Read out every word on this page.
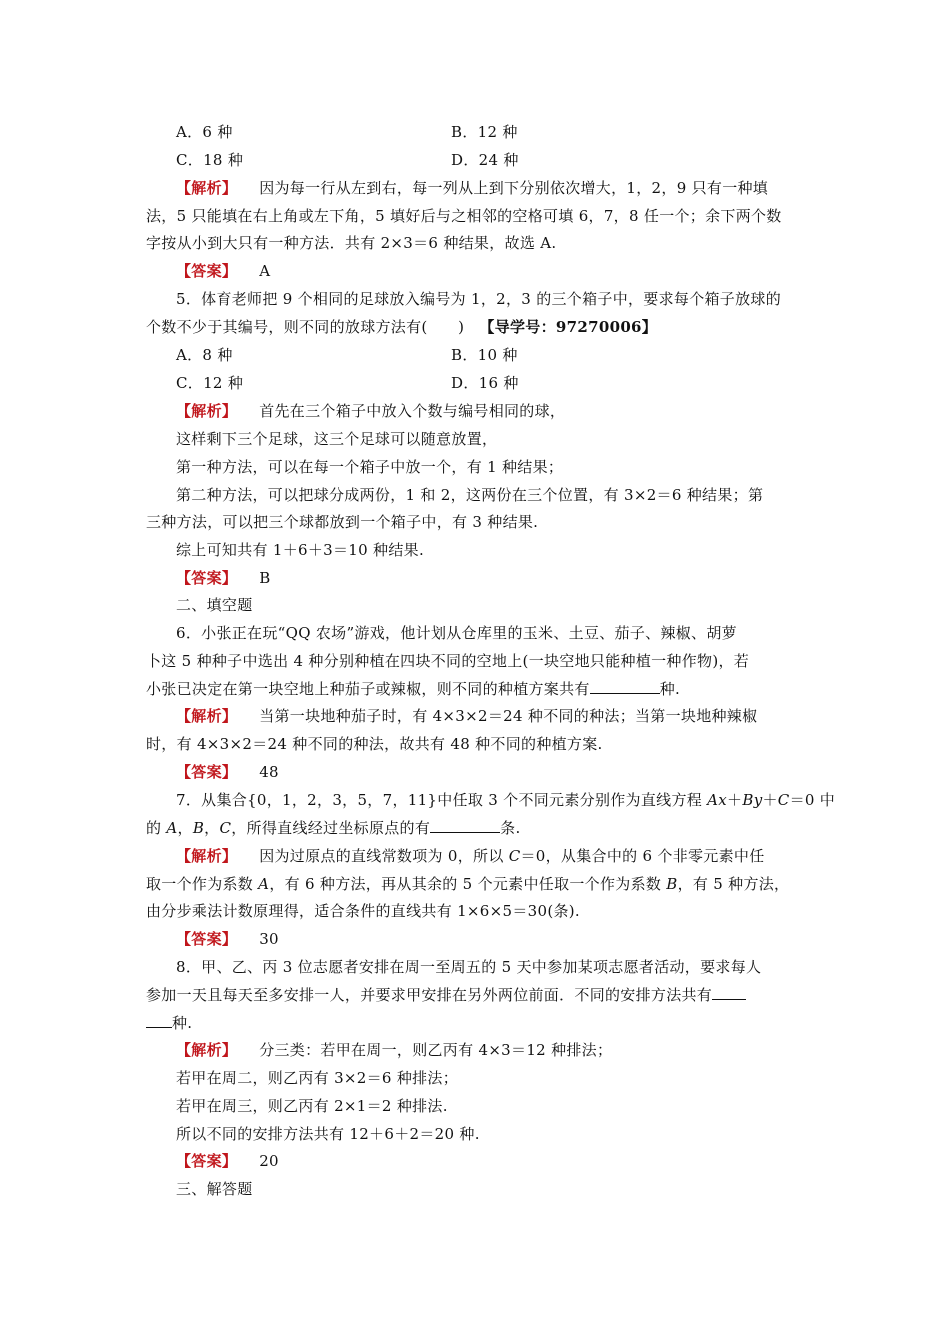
A．6 种	B．12 种
C．18 种	D．24 种
【解析】 因为每一行从左到右，每一列从上到下分别依次增大，1，2，9 只有一种填
法，5 只能填在右上角或左下角，5 填好后与之相邻的空格可填 6，7，8 任一个；余下两个数
字按从小到大只有一种方法．共有 2×3＝6 种结果，故选 A.
【答案】 A
5．体育老师把 9 个相同的足球放入编号为 1，2，3 的三个箱子中，要求每个箱子放球的
个数不少于其编号，则不同的放球方法有(　　) 【导学号：97270006】
A．8 种	B．10 种
C．12 种	D．16 种
【解析】 首先在三个箱子中放入个数与编号相同的球，
这样剩下三个足球，这三个足球可以随意放置，
第一种方法，可以在每一个箱子中放一个，有 1 种结果；
第二种方法，可以把球分成两份，1 和 2，这两份在三个位置，有 3×2＝6 种结果；第
三种方法，可以把三个球都放到一个箱子中，有 3 种结果.
综上可知共有 1＋6＋3＝10 种结果.
【答案】 B
二、填空题
6．小张正在玩“QQ 农场”游戏，他计划从仓库里的玉米、土豆、茄子、辣椒、胡萝
卜这 5 种种子中选出 4 种分别种植在四块不同的空地上(一块空地只能种植一种作物)，若
小张已决定在第一块空地上种茄子或辣椒，则不同的种植方案共有	种.
【解析】 当第一块地种茄子时，有 4×3×2＝24 种不同的种法；当第一块地种辣椒
时，有 4×3×2＝24 种不同的种法，故共有 48 种不同的种植方案.
【答案】 48
7．从集合{0，1，2，3，5，7，11}中任取 3 个不同元素分别作为直线方程 Ax＋By＋C＝0 中
的 A，B，C，所得直线经过坐标原点的有	条.
【解析】 因为过原点的直线常数项为 0，所以 C＝0，从集合中的 6 个非零元素中任
取一个作为系数 A，有 6 种方法，再从其余的 5 个元素中任取一个作为系数 B，有 5 种方法，
由分步乘法计数原理得，适合条件的直线共有 1×6×5＝30(条).
【答案】 30
8．甲、乙、丙 3 位志愿者安排在周一至周五的 5 天中参加某项志愿者活动，要求每人
参加一天且每天至多安排一人，并要求甲安排在另外两位前面．不同的安排方法共有
种.
【解析】 分三类：若甲在周一，则乙丙有 4×3＝12 种排法；
若甲在周二，则乙丙有 3×2＝6 种排法；
若甲在周三，则乙丙有 2×1＝2 种排法.
所以不同的安排方法共有 12＋6＋2＝20 种.
【答案】 20
三、解答题
